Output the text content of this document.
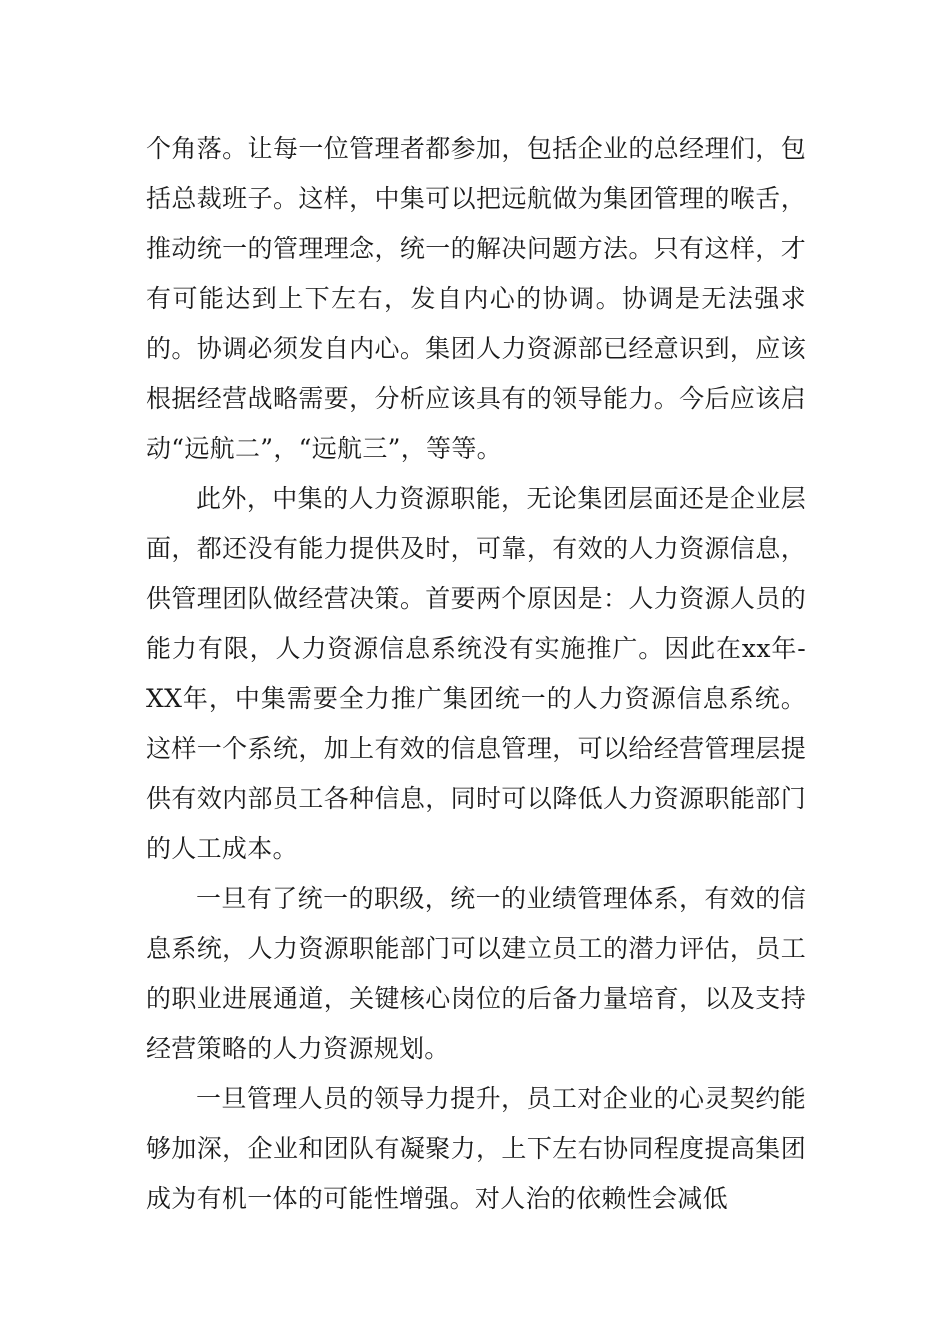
个角落。让每一位管理者都参加，包括企业的总经理们，包括总裁班子。这样，中集可以把远航做为集团管理的喉舌，推动统一的管理理念，统一的解决问题方法。只有这样，才有可能达到上下左右，发自内心的协调。协调是无法强求的。协调必须发自内心。集团人力资源部已经意识到，应该根据经营战略需要，分析应该具有的领导能力。今后应该启动“远航二”，“远航三”，等等。

此外，中集的人力资源职能，无论集团层面还是企业层面，都还没有能力提供及时，可靠，有效的人力资源信息，供管理团队做经营决策。首要两个原因是：人力资源人员的能力有限，人力资源信息系统没有实施推广。因此在xx年-XX年，中集需要全力推广集团统一的人力资源信息系统。这样一个系统，加上有效的信息管理，可以给经营管理层提供有效内部员工各种信息，同时可以降低人力资源职能部门的人工成本。

一旦有了统一的职级，统一的业绩管理体系，有效的信息系统，人力资源职能部门可以建立员工的潜力评估，员工的职业进展通道，关键核心岗位的后备力量培育，以及支持经营策略的人力资源规划。

一旦管理人员的领导力提升，员工对企业的心灵契约能够加深，企业和团队有凝聚力，上下左右协同程度提高集团成为有机一体的可能性增强。对人治的依赖性会减低
